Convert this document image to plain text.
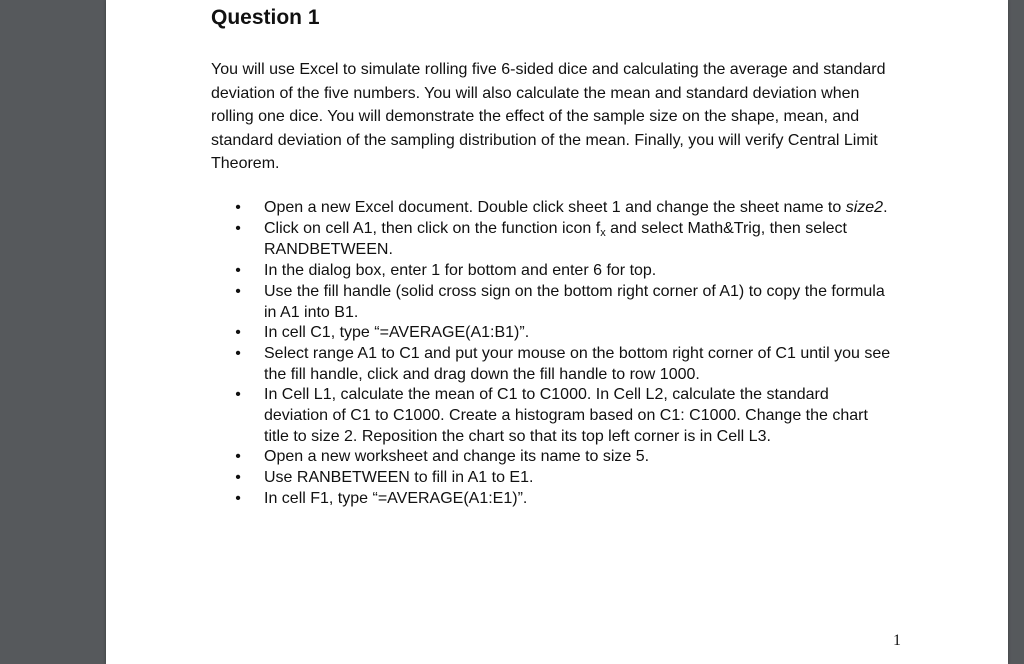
Question 1

You will use Excel to simulate rolling five 6-sided dice and calculating the average and standard deviation of the five numbers. You will also calculate the mean and standard deviation when rolling one dice. You will demonstrate the effect of the sample size on the shape, mean, and standard deviation of the sampling distribution of the mean. Finally, you will verify Central Limit Theorem.

• Open a new Excel document. Double click sheet 1 and change the sheet name to size2.
• Click on cell A1, then click on the function icon fx and select Math&Trig, then select RANDBETWEEN.
• In the dialog box, enter 1 for bottom and enter 6 for top.
• Use the fill handle (solid cross sign on the bottom right corner of A1) to copy the formula in A1 into B1.
• In cell C1, type “=AVERAGE(A1:B1)”.
• Select range A1 to C1 and put your mouse on the bottom right corner of C1 until you see the fill handle, click and drag down the fill handle to row 1000.
• In Cell L1, calculate the mean of C1 to C1000. In Cell L2, calculate the standard deviation of C1 to C1000. Create a histogram based on C1: C1000. Change the chart title to size 2. Reposition the chart so that its top left corner is in Cell L3.
• Open a new worksheet and change its name to size 5.
• Use RANBETWEEN to fill in A1 to E1.
• In cell F1, type “=AVERAGE(A1:E1)”.
1
